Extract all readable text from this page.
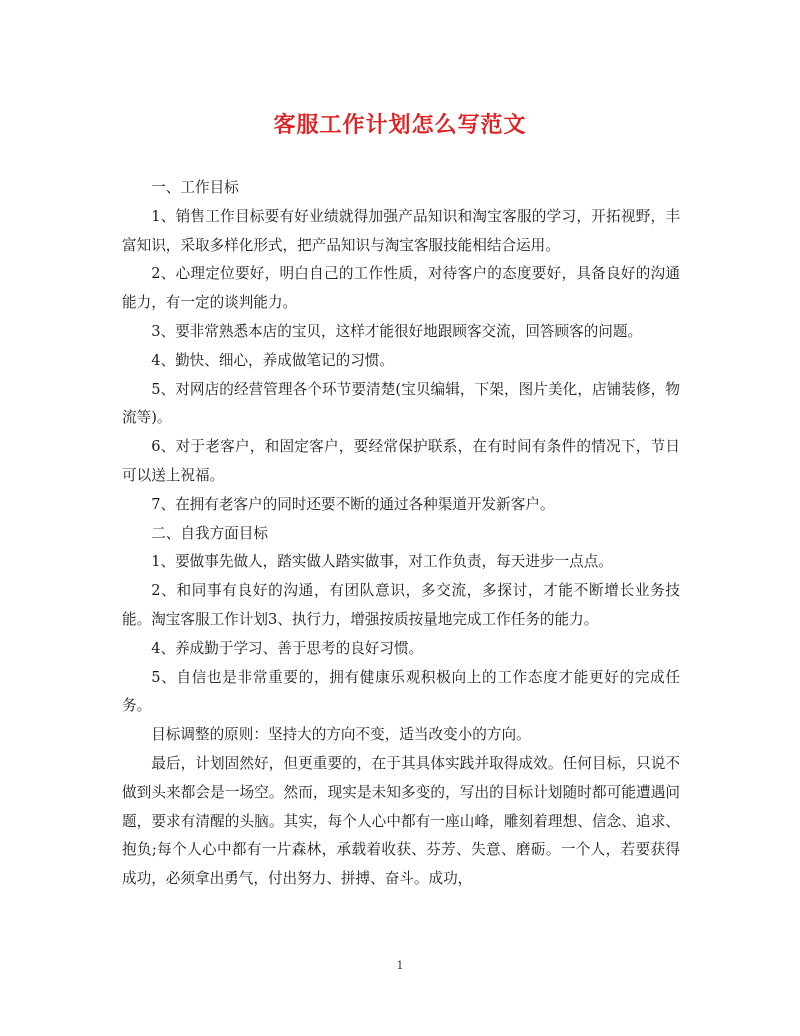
客服工作计划怎么写范文

一、工作目标

1、销售工作目标要有好业绩就得加强产品知识和淘宝客服的学习，开拓视野，丰富知识，采取多样化形式，把产品知识与淘宝客服技能相结合运用。

2、心理定位要好，明白自己的工作性质，对待客户的态度要好，具备良好的沟通能力，有一定的谈判能力。

3、要非常熟悉本店的宝贝，这样才能很好地跟顾客交流，回答顾客的问题。

4、勤快、细心，养成做笔记的习惯。

5、对网店的经营管理各个环节要清楚(宝贝编辑，下架，图片美化，店铺装修，物流等)。

6、对于老客户，和固定客户，要经常保护联系，在有时间有条件的情况下，节日可以送上祝福。

7、在拥有老客户的同时还要不断的通过各种渠道开发新客户。

二、自我方面目标

1、要做事先做人，踏实做人踏实做事，对工作负责，每天进步一点点。

2、和同事有良好的沟通，有团队意识，多交流，多探讨，才能不断增长业务技能。淘宝客服工作计划3、执行力，增强按质按量地完成工作任务的能力。

4、养成勤于学习、善于思考的良好习惯。

5、自信也是非常重要的，拥有健康乐观积极向上的工作态度才能更好的完成任务。

目标调整的原则：坚持大的方向不变，适当改变小的方向。

最后，计划固然好，但更重要的，在于其具体实践并取得成效。任何目标，只说不做到头来都会是一场空。然而，现实是未知多变的，写出的目标计划随时都可能遭遇问题，要求有清醒的头脑。其实，每个人心中都有一座山峰，雕刻着理想、信念、追求、抱负;每个人心中都有一片森林，承载着收获、芬芳、失意、磨砺。一个人，若要获得成功，必须拿出勇气，付出努力、拼搏、奋斗。成功，

1
